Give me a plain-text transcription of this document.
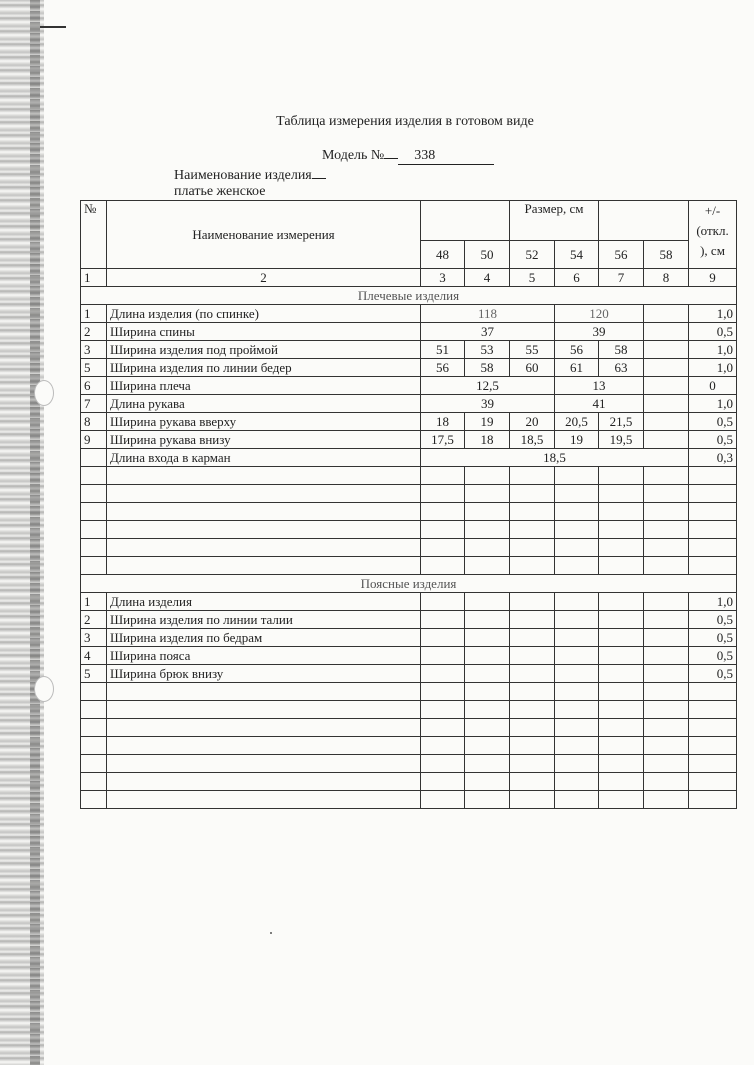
Таблица измерения изделия в готовом виде
Модель № 338
Наименование изделияплатье женское
№	Наименование измерения			Размер, см				+/- (откл. ), см
		48	50	52	54	56	58	
1	2	3	4	5	6	7	8	9
Плечевые изделия								
1	Длина изделия (по спинке)	118			120			1,0
2	Ширина спины	37			39			0,5
3	Ширина изделия под проймой	51	53	55	56	58		1,0
5	Ширина изделия по линии бедер	56	58	60	61	63		1,0
6	Ширина плеча	12,5			13			0
7	Длина рукава	39			41			1,0
8	Ширина рукава вверху	18	19	20	20,5	21,5		0,5
9	Ширина рукава внизу	17,5	18	18,5	19	19,5		0,5
	Длина входа в карман	18,5						0,3

Поясные изделия								
1	Длина изделия							1,0
2	Ширина изделия по линии талии							0,5
3	Ширина изделия по бедрам							0,5
4	Ширина пояса							0,5
5	Ширина брюк внизу							0,5
